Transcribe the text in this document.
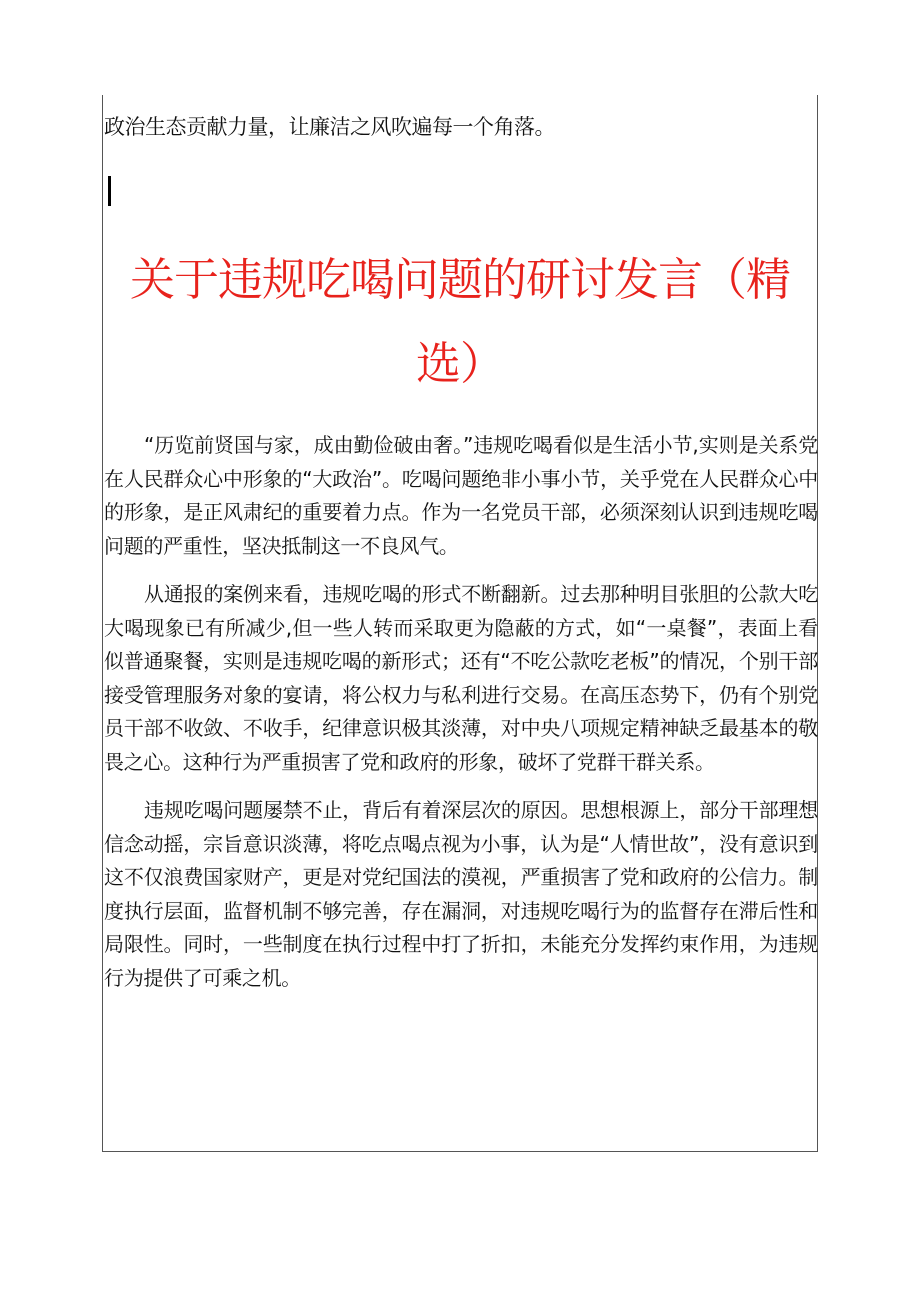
政治生态贡献力量，让廉洁之风吹遍每一个角落。
关于违规吃喝问题的研讨发言（精
选）

“历览前贤国与家，成由勤俭破由奢。”违规吃喝看似是生活小节,实则是关系党在人民群众心中形象的“大政治”。吃喝问题绝非小事小节，关乎党在人民群众心中的形象，是正风肃纪的重要着力点。作为一名党员干部，必须深刻认识到违规吃喝问题的严重性，坚决抵制这一不良风气。

从通报的案例来看，违规吃喝的形式不断翻新。过去那种明目张胆的公款大吃大喝现象已有所减少,但一些人转而采取更为隐蔽的方式，如“一桌餐”，表面上看似普通聚餐，实则是违规吃喝的新形式；还有“不吃公款吃老板”的情况，个别干部接受管理服务对象的宴请，将公权力与私利进行交易。在高压态势下，仍有个别党员干部不收敛、不收手，纪律意识极其淡薄，对中央八项规定精神缺乏最基本的敬畏之心。这种行为严重损害了党和政府的形象，破坏了党群干群关系。

违规吃喝问题屡禁不止，背后有着深层次的原因。思想根源上，部分干部理想信念动摇，宗旨意识淡薄，将吃点喝点视为小事，认为是“人情世故”，没有意识到这不仅浪费国家财产，更是对党纪国法的漠视，严重损害了党和政府的公信力。制度执行层面，监督机制不够完善，存在漏洞，对违规吃喝行为的监督存在滞后性和局限性。同时，一些制度在执行过程中打了折扣，未能充分发挥约束作用，为违规行为提供了可乘之机。
